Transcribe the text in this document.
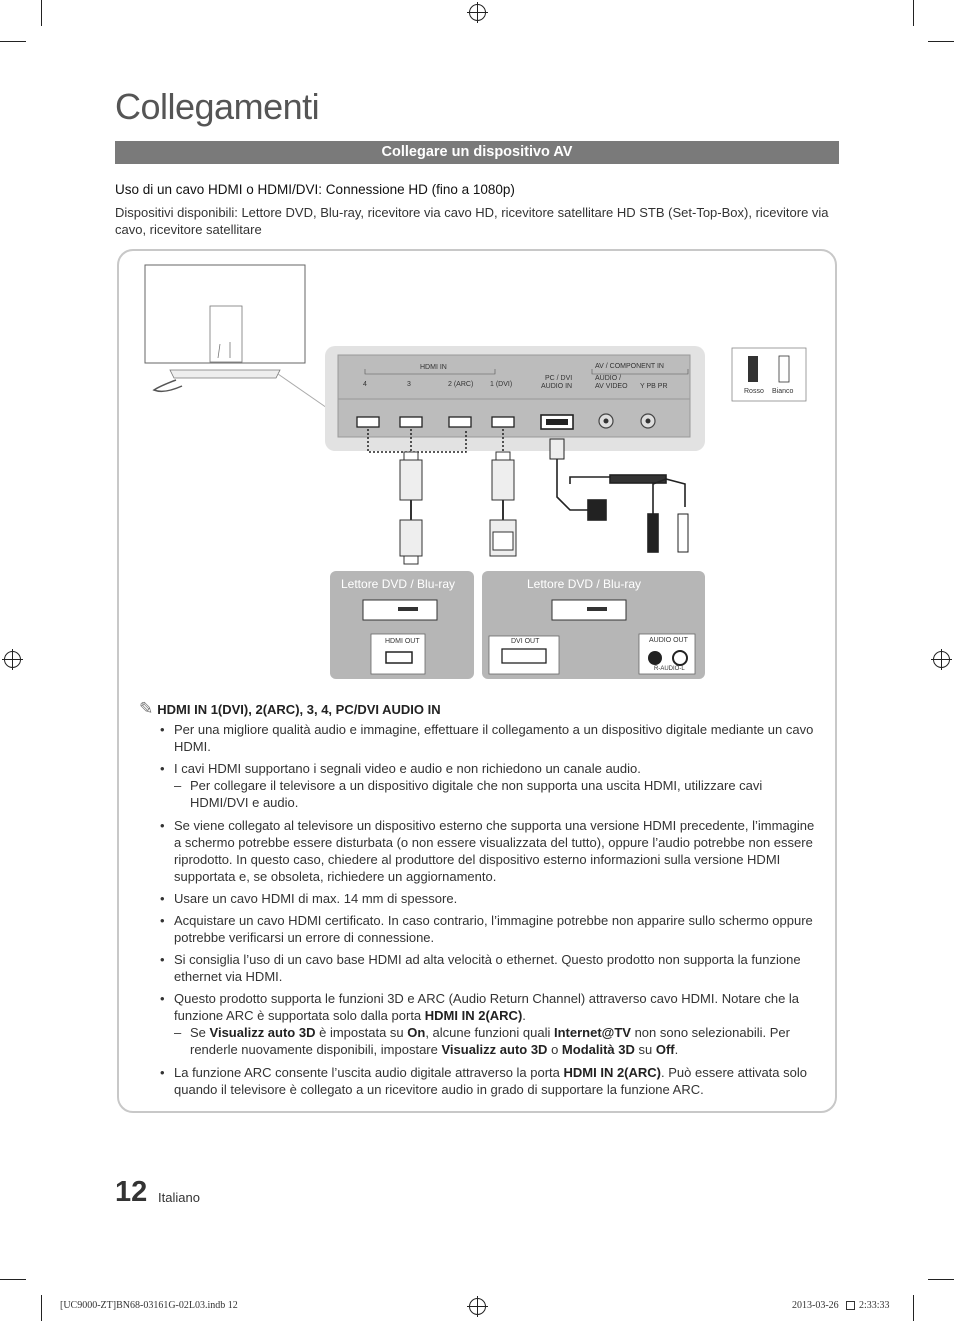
Collegamenti
Collegare un dispositivo AV
Uso di un cavo HDMI o HDMI/DVI: Connessione HD (fino a 1080p)
Dispositivi disponibili: Lettore DVD, Blu-ray, ricevitore via cavo HD, ricevitore satellitare HD STB (Set-Top-Box), ricevitore via cavo, ricevitore satellitare
HDMI IN
4	3	2 (ARC) 1 (DVI)
PC / DVI
AUDIO IN
AV / COMPONENT IN
AUDIO /
AV VIDEO Y PB PR
Rosso Bianco
Lettore DVD / Blu-ray	Lettore DVD / Blu-ray
HDMI OUT	DVI OUT	AUDIO OUT
R-AUDIO-L
✎ HDMI IN 1(DVI), 2(ARC), 3, 4, PC/DVI AUDIO IN
• Per una migliore qualità audio e immagine, effettuare il collegamento a un dispositivo digitale mediante un cavo HDMI.
• I cavi HDMI supportano i segnali video e audio e non richiedono un canale audio.
– Per collegare il televisore a un dispositivo digitale che non supporta una uscita HDMI, utilizzare cavi HDMI/DVI e audio.
• Se viene collegato al televisore un dispositivo esterno che supporta una versione HDMI precedente, l’immagine a schermo potrebbe essere disturbata (o non essere visualizzata del tutto), oppure l’audio potrebbe non essere riprodotto. In questo caso, chiedere al produttore del dispositivo esterno informazioni sulla versione HDMI supportata e, se obsoleta, richiedere un aggiornamento.
• Usare un cavo HDMI di max. 14 mm di spessore.
• Acquistare un cavo HDMI certificato. In caso contrario, l’immagine potrebbe non apparire sullo schermo oppure potrebbe verificarsi un errore di connessione.
• Si consiglia l’uso di un cavo base HDMI ad alta velocità o ethernet. Questo prodotto non supporta la funzione ethernet via HDMI.
• Questo prodotto supporta le funzioni 3D e ARC (Audio Return Channel) attraverso cavo HDMI. Notare che la funzione ARC è supportata solo dalla porta HDMI IN 2(ARC).
– Se Visualizz auto 3D è impostata su On, alcune funzioni quali Internet@TV non sono selezionabili. Per renderle nuovamente disponibili, impostare Visualizz auto 3D o Modalità 3D su Off.
• La funzione ARC consente l’uscita audio digitale attraverso la porta HDMI IN 2(ARC). Può essere attivata solo quando il televisore è collegato a un ricevitore audio in grado di supportare la funzione ARC.
12 Italiano
[UC9000-ZT]BN68-03161G-02L03.indb 12	2013-03-26 2:33:33
